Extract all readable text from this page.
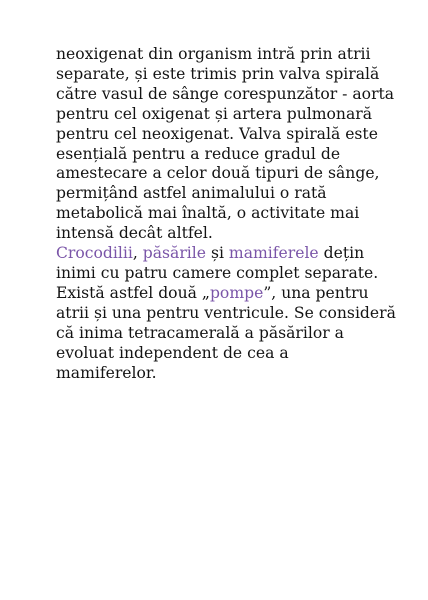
neoxigenat din organism intră prin atrii
separate, și este trimis prin valva spirală
către vasul de sânge corespunzător - aorta
pentru cel oxigenat și artera pulmonară
pentru cel neoxigenat. Valva spirală este
esențială pentru a reduce gradul de
amestecare a celor două tipuri de sânge,
permițând astfel animalului o rată
metabolică mai înaltă, o activitate mai
intensă decât altfel.
Crocodilii, păsările și mamiferele dețin
inimi cu patru camere complet separate.
Există astfel două „pompe”, una pentru
atrii și una pentru ventricule. Se consideră
că inima tetracamerală a păsărilor a
evoluat independent de cea a
mamiferelor.
